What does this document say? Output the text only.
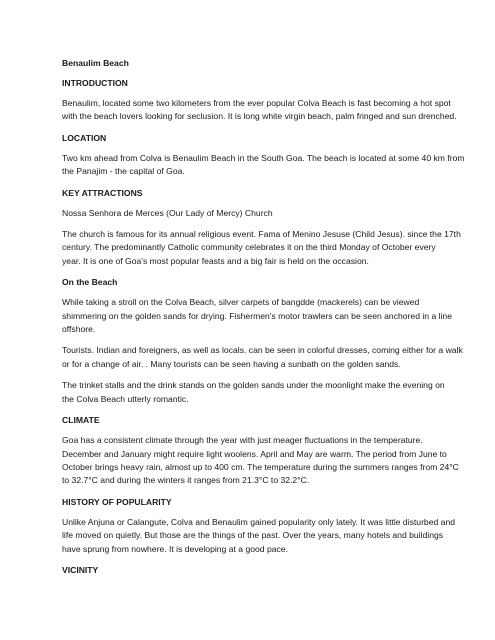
Benaulim Beach
INTRODUCTION
Benaulim, located some two kilometers from the ever popular Colva Beach is fast becoming a hot spot
with the beach lovers looking for seclusion. It is long white virgin beach, palm fringed and sun drenched.
LOCATION
Two km ahead from Colva is Benaulim Beach in the South Goa. The beach is located at some 40 km from
the Panajim - the capital of Goa.
KEY ATTRACTIONS
Nossa Senhora de Merces (Our Lady of Mercy) Church
The church is famous for its annual religious event. Fama of Menino Jesuse (Child Jesus). since the 17th
century. The predominantly Catholic community celebrates it on the third Monday of October every
year. It is one of Goa's most popular feasts and a big fair is held on the occasion.
On the Beach
While taking a stroll on the Colva Beach, silver carpets of bangdde (mackerels) can be viewed
shimmering on the golden sands for drying. Fishermen's motor trawlers can be seen anchored in a line
offshore.
Tourists. Indian and foreigners, as well as locals. can be seen in colorful dresses, coming either for a walk
or for a change of air. . Many tourists can be seen having a sunbath on the golden sands.
The trinket stalls and the drink stands on the golden sands under the moonlight make the evening on
the Colva Beach utterly romantic.
CLIMATE
Goa has a consistent climate through the year with just meager fluctuations in the temperature.
December and January might require light woolens. April and May are warm. The period from June to
October brings heavy rain, almost up to 400 cm. The temperature during the summers ranges from 24°C
to 32.7°C and during the winters it ranges from 21.3°C to 32.2°C.
HISTORY OF POPULARITY
Unlike Anjuna or Calangute, Colva and Benaulim gained popularity only lately. It was little disturbed and
life moved on quietly. But those are the things of the past. Over the years, many hotels and buildings
have sprung from nowhere. It is developing at a good pace.
VICINITY
